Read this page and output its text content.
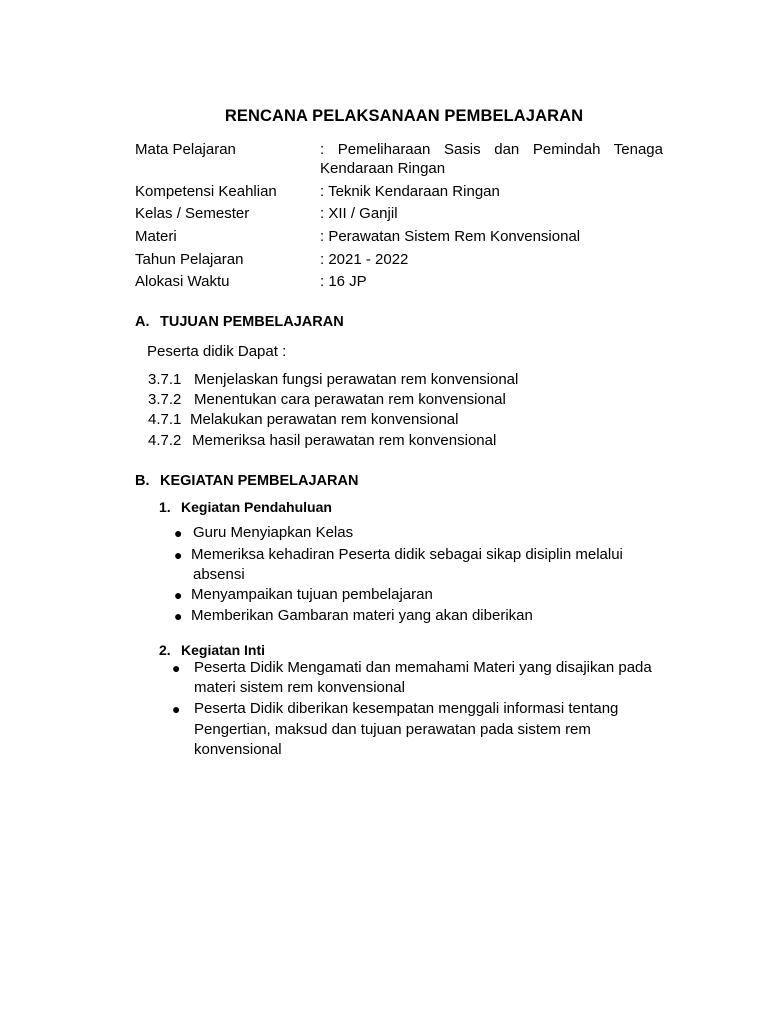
RENCANA PELAKSANAAN PEMBELAJARAN
Mata Pelajaran	: Pemeliharaan Sasis dan Pemindah Tenaga
Kendaraan Ringan
Kompetensi Keahlian	: Teknik Kendaraan Ringan
Kelas / Semester	: XII / Ganjil
Materi	: Perawatan Sistem Rem Konvensional
Tahun Pelajaran	: 2021 - 2022
Alokasi Waktu	: 16 JP
A. TUJUAN PEMBELAJARAN
Peserta didik Dapat :
3.7.1 Menjelaskan fungsi perawatan rem konvensional
3.7.2 Menentukan cara perawatan rem konvensional
4.7.1 Melakukan perawatan rem konvensional
4.7.2 Memeriksa hasil perawatan rem konvensional
B. KEGIATAN PEMBELAJARAN
1. Kegiatan Pendahuluan
● Guru Menyiapkan Kelas
● Memeriksa kehadiran Peserta didik sebagai sikap disiplin melalui
absensi
● Menyampaikan tujuan pembelajaran
● Memberikan Gambaran materi yang akan diberikan
2. Kegiatan Inti
● Peserta Didik Mengamati dan memahami Materi yang disajikan pada
materi sistem rem konvensional
● Peserta Didik diberikan kesempatan menggali informasi tentang
Pengertian, maksud dan tujuan perawatan pada sistem rem
konvensional
